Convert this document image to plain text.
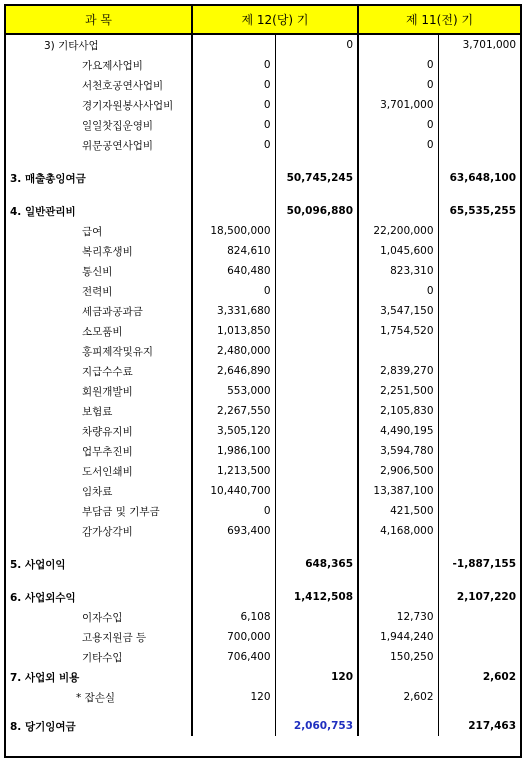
과 목	제 12(당) 기		제 11(전) 기	
3) 기타사업		0		3,701,000
가요제사업비	0		0	
서천호공연사업비	0		0	
경기자원봉사사업비	0		3,701,000	
일일찻집운영비	0		0	
위문공연사업비	0		0	

3. 매출총잉여금		50,745,245		63,648,100

4. 일반관리비		50,096,880		65,535,255
급여	18,500,000		22,200,000	
복리후생비	824,610		1,045,600	
통신비	640,480		823,310	
전력비	0		0	
세금과공과금	3,331,680		3,547,150	
소모품비	1,013,850		1,754,520	
홍피제작및유지	2,480,000			
지급수수료	2,646,890		2,839,270	
회원개발비	553,000		2,251,500	
보험료	2,267,550		2,105,830	
차량유지비	3,505,120		4,490,195	
업무추진비	1,986,100		3,594,780	
도서인쇄비	1,213,500		2,906,500	
임차료	10,440,700		13,387,100	
부담금 및 기부금	0		421,500	
감가상각비	693,400		4,168,000	

5. 사업이익		648,365		-1,887,155

6. 사업외수익		1,412,508		2,107,220
이자수입	6,108		12,730	
고용지원금 등	700,000		1,944,240	
기타수입	706,400		150,250	
7. 사업외 비용		120		2,602
* 잡손실	120		2,602	

8. 당기잉여금		2,060,753		217,463
